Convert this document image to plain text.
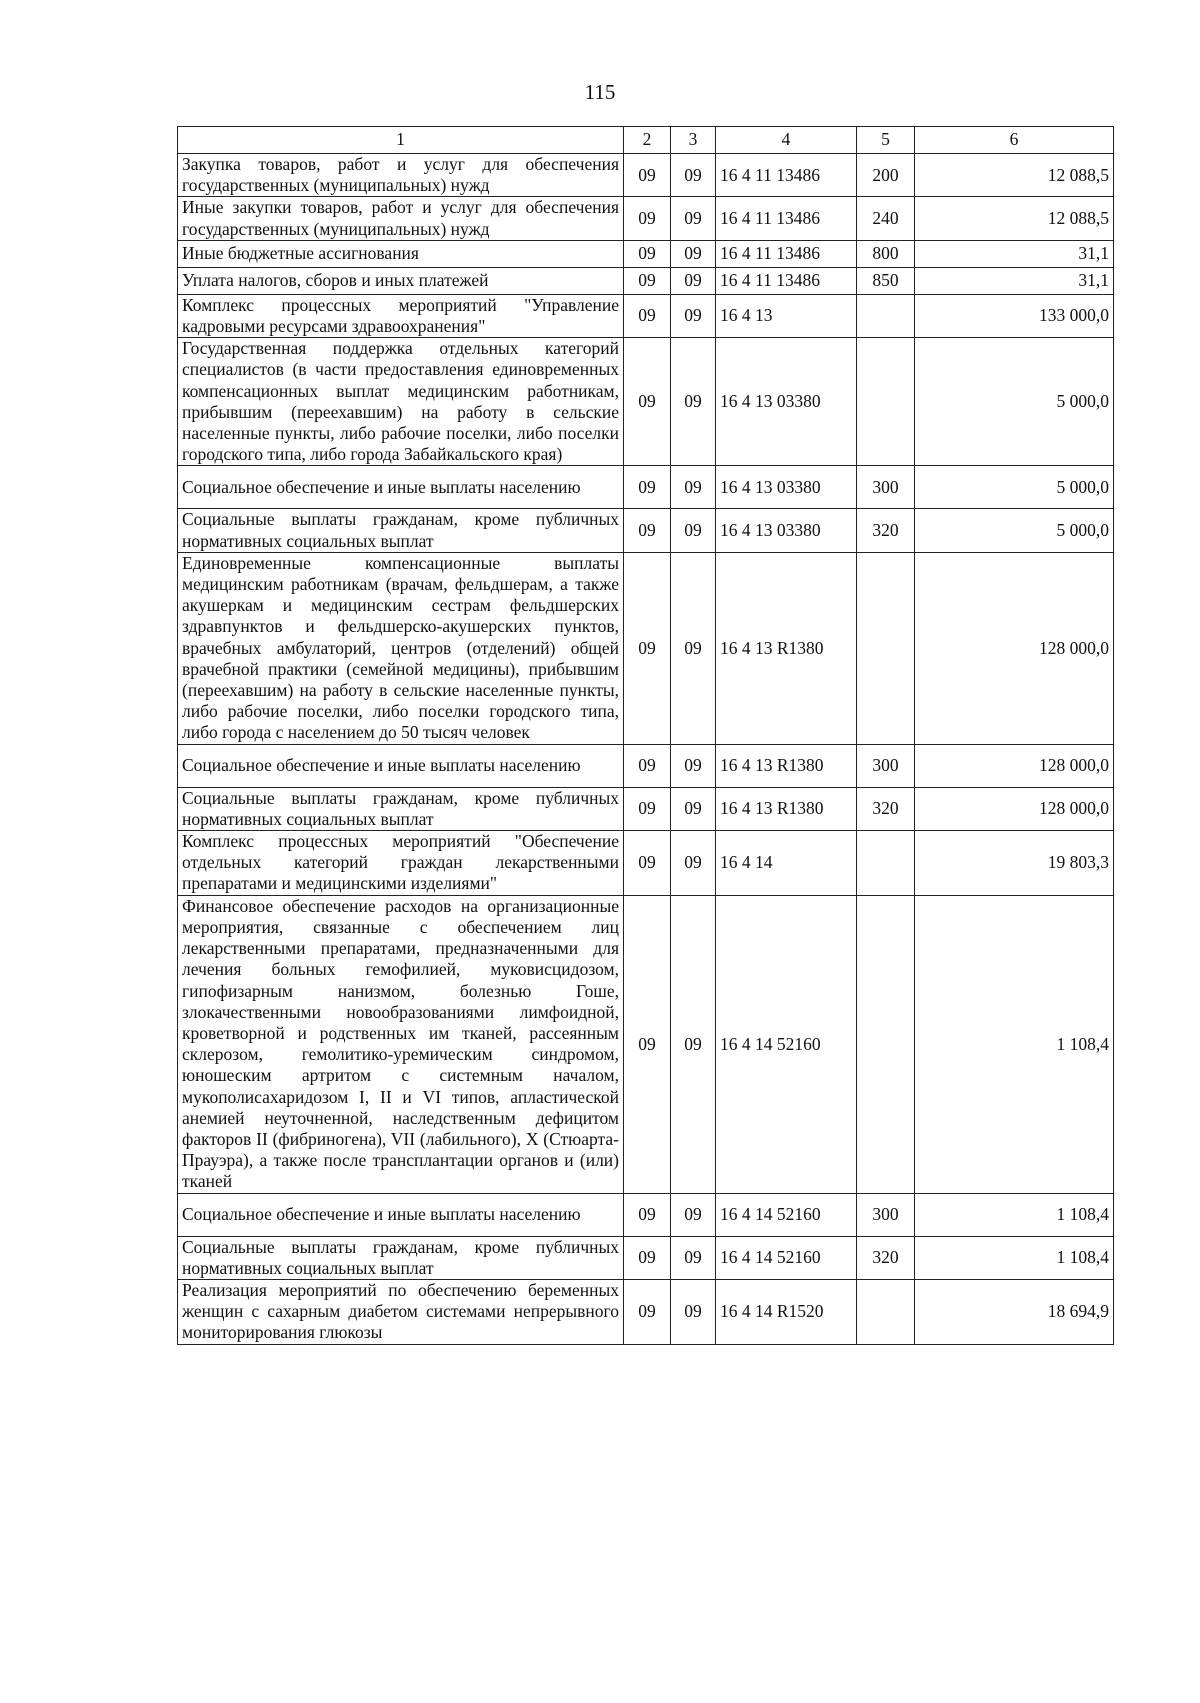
115
1	2	3	4	5	6
Закупка товаров, работ и услуг для обеспечения государственных (муниципальных) нужд	09	09	16 4 11 13486	200	12 088,5
Иные закупки товаров, работ и услуг для обеспечения государственных (муниципальных) нужд	09	09	16 4 11 13486	240	12 088,5
Иные бюджетные ассигнования	09	09	16 4 11 13486	800	31,1
Уплата налогов, сборов и иных платежей	09	09	16 4 11 13486	850	31,1
Комплекс процессных мероприятий "Управление кадровыми ресурсами здравоохранения"	09	09	16 4 13		133 000,0
Государственная поддержка отдельных категорий специалистов (в части предоставления единовременных компенсационных выплат медицинским работникам, прибывшим (переехавшим) на работу в сельские населенные пункты, либо рабочие поселки, либо поселки городского типа, либо города Забайкальского края)	09	09	16 4 13 03380		5 000,0
Социальное обеспечение и иные выплаты населению	09	09	16 4 13 03380	300	5 000,0
Социальные выплаты гражданам, кроме публичных нормативных социальных выплат	09	09	16 4 13 03380	320	5 000,0
Единовременные компенсационные выплаты медицинским работникам (врачам, фельдшерам, а также акушеркам и медицинским сестрам фельдшерских здравпунктов и фельдшерско-акушерских пунктов, врачебных амбулаторий, центров (отделений) общей врачебной практики (семейной медицины), прибывшим (переехавшим) на работу в сельские населенные пункты, либо рабочие поселки, либо поселки городского типа, либо города с населением до 50 тысяч человек	09	09	16 4 13 R1380		128 000,0
Социальное обеспечение и иные выплаты населению	09	09	16 4 13 R1380	300	128 000,0
Социальные выплаты гражданам, кроме публичных нормативных социальных выплат	09	09	16 4 13 R1380	320	128 000,0
Комплекс процессных мероприятий "Обеспечение отдельных категорий граждан лекарственными препаратами и медицинскими изделиями"	09	09	16 4 14		19 803,3
Финансовое обеспечение расходов на организационные мероприятия, связанные с обеспечением лиц лекарственными препаратами, предназначенными для лечения больных гемофилией, муковисцидозом, гипофизарным нанизмом, болезнью Гоше, злокачественными новообразованиями лимфоидной, кроветворной и родственных им тканей, рассеянным склерозом, гемолитико-уремическим синдромом, юношеским артритом с системным началом, мукополисахаридозом I, II и VI типов, апластической анемией неуточненной, наследственным дефицитом факторов II (фибриногена), VII (лабильного), X (Стюарта-Прауэра), а также после трансплантации органов и (или) тканей	09	09	16 4 14 52160		1 108,4
Социальное обеспечение и иные выплаты населению	09	09	16 4 14 52160	300	1 108,4
Социальные выплаты гражданам, кроме публичных нормативных социальных выплат	09	09	16 4 14 52160	320	1 108,4
Реализация мероприятий по обеспечению беременных женщин с сахарным диабетом системами непрерывного мониторирования глюкозы	09	09	16 4 14 R1520		18 694,9
